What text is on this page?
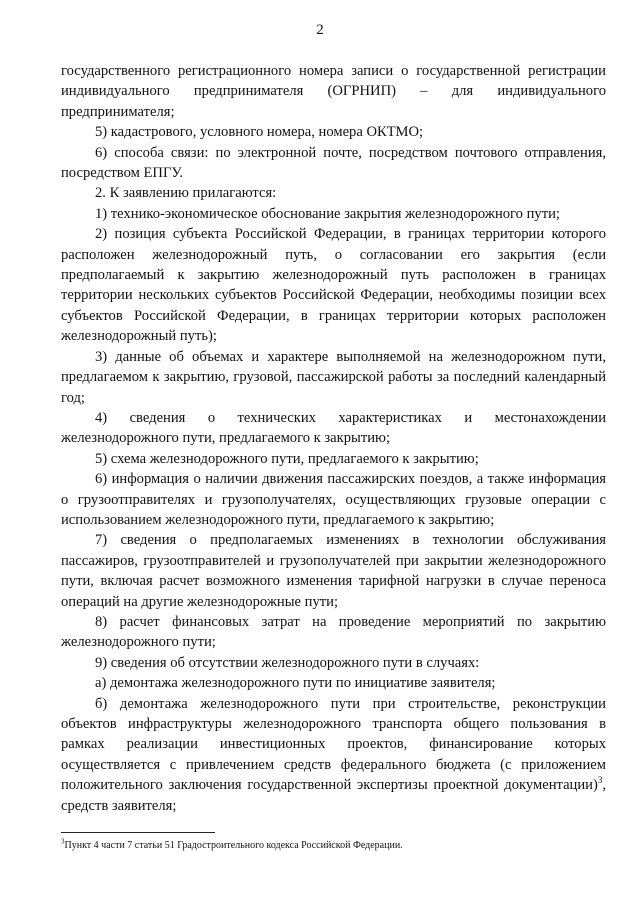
2

государственного регистрационного номера записи о государственной регистрации индивидуального предпринимателя (ОГРНИП) – для индивидуального предпринимателя;

5) кадастрового, условного номера, номера ОКТМО;

6) способа связи: по электронной почте, посредством почтового отправления, посредством ЕПГУ.

2. К заявлению прилагаются:

1) технико-экономическое обоснование закрытия железнодорожного пути;

2) позиция субъекта Российской Федерации, в границах территории которого расположен железнодорожный путь, о согласовании его закрытия (если предполагаемый к закрытию железнодорожный путь расположен в границах территории нескольких субъектов Российской Федерации, необходимы позиции всех субъектов Российской Федерации, в границах территории которых расположен железнодорожный путь);

3) данные об объемах и характере выполняемой на железнодорожном пути, предлагаемом к закрытию, грузовой, пассажирской работы за последний календарный год;

4) сведения о технических характеристиках и местонахождении железнодорожного пути, предлагаемого к закрытию;

5) схема железнодорожного пути, предлагаемого к закрытию;

6) информация о наличии движения пассажирских поездов, а также информация о грузоотправителях и грузополучателях, осуществляющих грузовые операции с использованием железнодорожного пути, предлагаемого к закрытию;

7) сведения о предполагаемых изменениях в технологии обслуживания пассажиров, грузоотправителей и грузополучателей при закрытии железнодорожного пути, включая расчет возможного изменения тарифной нагрузки в случае переноса операций на другие железнодорожные пути;

8) расчет финансовых затрат на проведение мероприятий по закрытию железнодорожного пути;

9) сведения об отсутствии железнодорожного пути в случаях:

а) демонтажа железнодорожного пути по инициативе заявителя;

б) демонтажа железнодорожного пути при строительстве, реконструкции объектов инфраструктуры железнодорожного транспорта общего пользования в рамках реализации инвестиционных проектов, финансирование которых осуществляется с привлечением средств федерального бюджета (с приложением положительного заключения государственной экспертизы проектной документации)$^3$, средств заявителя;

$^3$Пункт 4 части 7 статьи 51 Градостроительного кодекса Российской Федерации.
